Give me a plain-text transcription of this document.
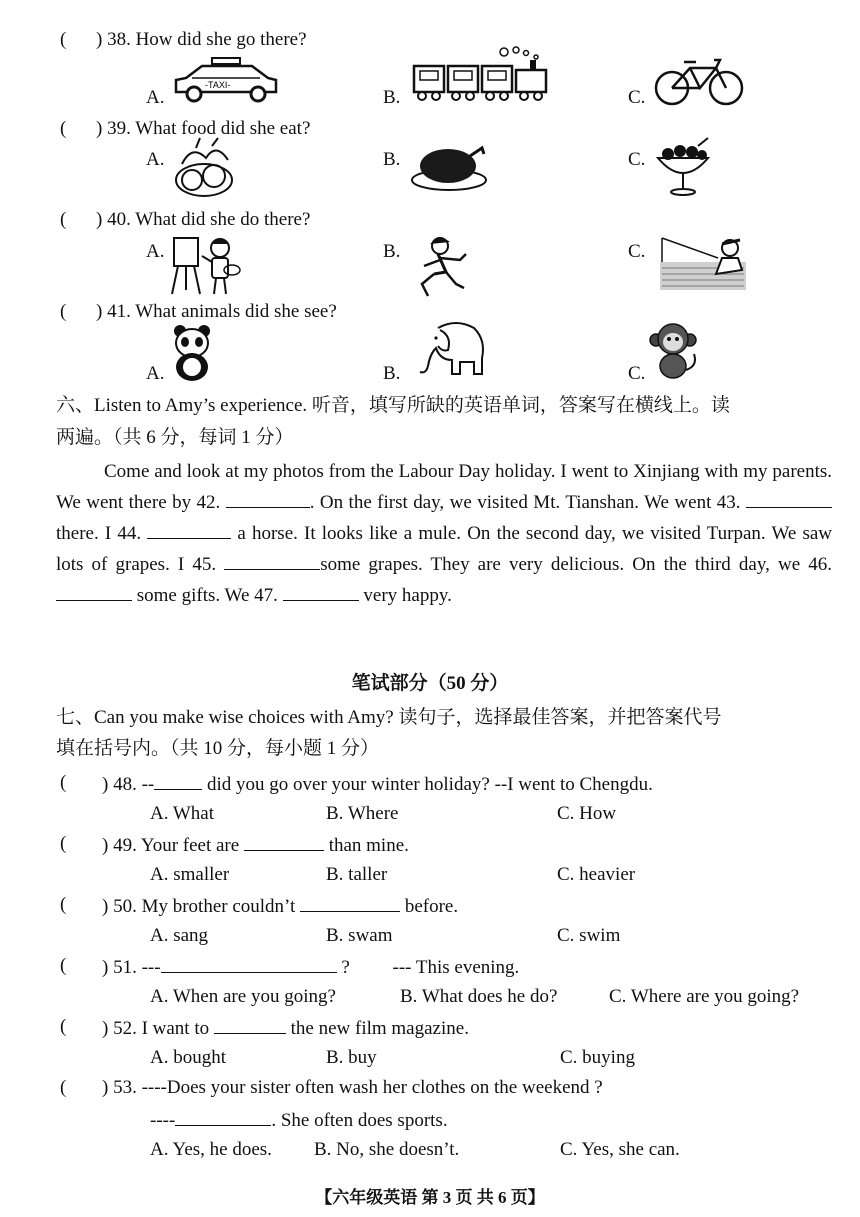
( ) 38. How did she go there?
A.
-TAXI-
B.	C.
( ) 39. What food did she eat?
A.	B.	C.
( ) 40. What did she do there?
A.	B.	C.
( ) 41. What animals did she see?
A.	B.	C.
六、Listen to Amy’s experience. 听音，填写所缺的英语单词，答案写在横线上。读
两遍。（共 6 分，每词 1 分）
Come and look at my photos from the Labour Day holiday. I went to Xinjiang with my parents. We went there by 42.	. On the first day, we visited Mt. Tianshan. We went 43.  there. I 44.	a horse. It looks like a mule. On the second day, we visited Turpan. We saw lots of grapes. I 45.	some grapes. They are very delicious. On the third day, we 46.  some gifts. We 47.	very happy.
笔试部分（50 分）
七、Can you make wise choices with Amy? 读句子，选择最佳答案，并把答案代号
填在括号内。（共 10 分，每小题 1 分）
( ) 48. --	did you go over your winter holiday? --I went to Chengdu.
A. What	B. Where	C. How
( ) 49. Your feet are	than mine.
A. smaller	B. taller	C. heavier
( ) 50. My brother couldn’t	before.
A. sang	B. swam	C. swim
( ) 51. ---	?         --- This evening.
A. When are you going?	B. What does he do?	C. Where are you going?
( ) 52. I want to	the new film magazine.
A. bought	B. buy	C. buying
( ) 53. ----Does your sister often wash her clothes on the weekend ?
----	. She often does sports.
A. Yes, he does. B. No, she doesn’t.	C. Yes, she can.
【六年级英语 第 3 页 共 6 页】
